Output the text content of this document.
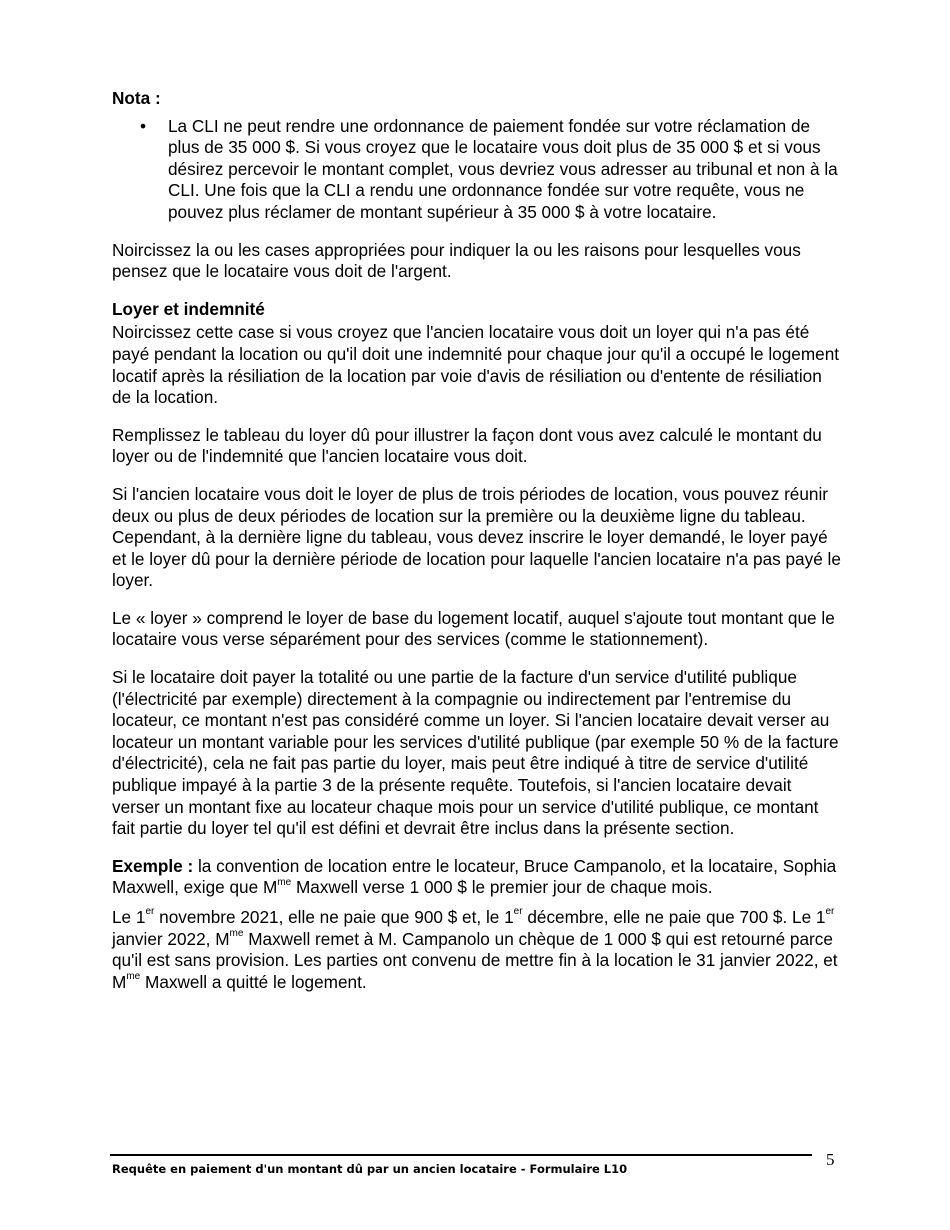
Nota :
• La CLI ne peut rendre une ordonnance de paiement fondée sur votre réclamation de plus de 35 000 $. Si vous croyez que le locataire vous doit plus de 35 000 $ et si vous désirez percevoir le montant complet, vous devriez vous adresser au tribunal et non à la CLI. Une fois que la CLI a rendu une ordonnance fondée sur votre requête, vous ne pouvez plus réclamer de montant supérieur à 35 000 $ à votre locataire.

Noircissez la ou les cases appropriées pour indiquer la ou les raisons pour lesquelles vous pensez que le locataire vous doit de l'argent.

Loyer et indemnité

Noircissez cette case si vous croyez que l'ancien locataire vous doit un loyer qui n'a pas été payé pendant la location ou qu'il doit une indemnité pour chaque jour qu'il a occupé le logement locatif après la résiliation de la location par voie d'avis de résiliation ou d'entente de résiliation de la location.

Remplissez le tableau du loyer dû pour illustrer la façon dont vous avez calculé le montant du loyer ou de l'indemnité que l'ancien locataire vous doit.

Si l'ancien locataire vous doit le loyer de plus de trois périodes de location, vous pouvez réunir deux ou plus de deux périodes de location sur la première ou la deuxième ligne du tableau. Cependant, à la dernière ligne du tableau, vous devez inscrire le loyer demandé, le loyer payé et le loyer dû pour la dernière période de location pour laquelle l'ancien locataire n'a pas payé le loyer.

Le « loyer » comprend le loyer de base du logement locatif, auquel s'ajoute tout montant que le locataire vous verse séparément pour des services (comme le stationnement).

Si le locataire doit payer la totalité ou une partie de la facture d'un service d'utilité publique (l'électricité par exemple) directement à la compagnie ou indirectement par l'entremise du locateur, ce montant n'est pas considéré comme un loyer. Si l'ancien locataire devait verser au locateur un montant variable pour les services d'utilité publique (par exemple 50 % de la facture d'électricité), cela ne fait pas partie du loyer, mais peut être indiqué à titre de service d'utilité publique impayé à la partie 3 de la présente requête. Toutefois, si l'ancien locataire devait verser un montant fixe au locateur chaque mois pour un service d'utilité publique, ce montant fait partie du loyer tel qu'il est défini et devrait être inclus dans la présente section.

Exemple : la convention de location entre le locateur, Bruce Campanolo, et la locataire, Sophia Maxwell, exige que $M^{me}$ Maxwell verse 1 000 $ le premier jour de chaque mois.

Le 1er novembre 2021, elle ne paie que 900 $ et, le 1er décembre, elle ne paie que 700 $. Le 1er janvier 2022, $M^{me}$ Maxwell remet à M. Campanolo un chèque de 1 000 $ qui est retourné parce qu'il est sans provision. Les parties ont convenu de mettre fin à la location le 31 janvier 2022, et $M^{me}$ Maxwell a quitté le logement.

Requête en paiement d'un montant dû par un ancien locataire - Formulaire L10	5
